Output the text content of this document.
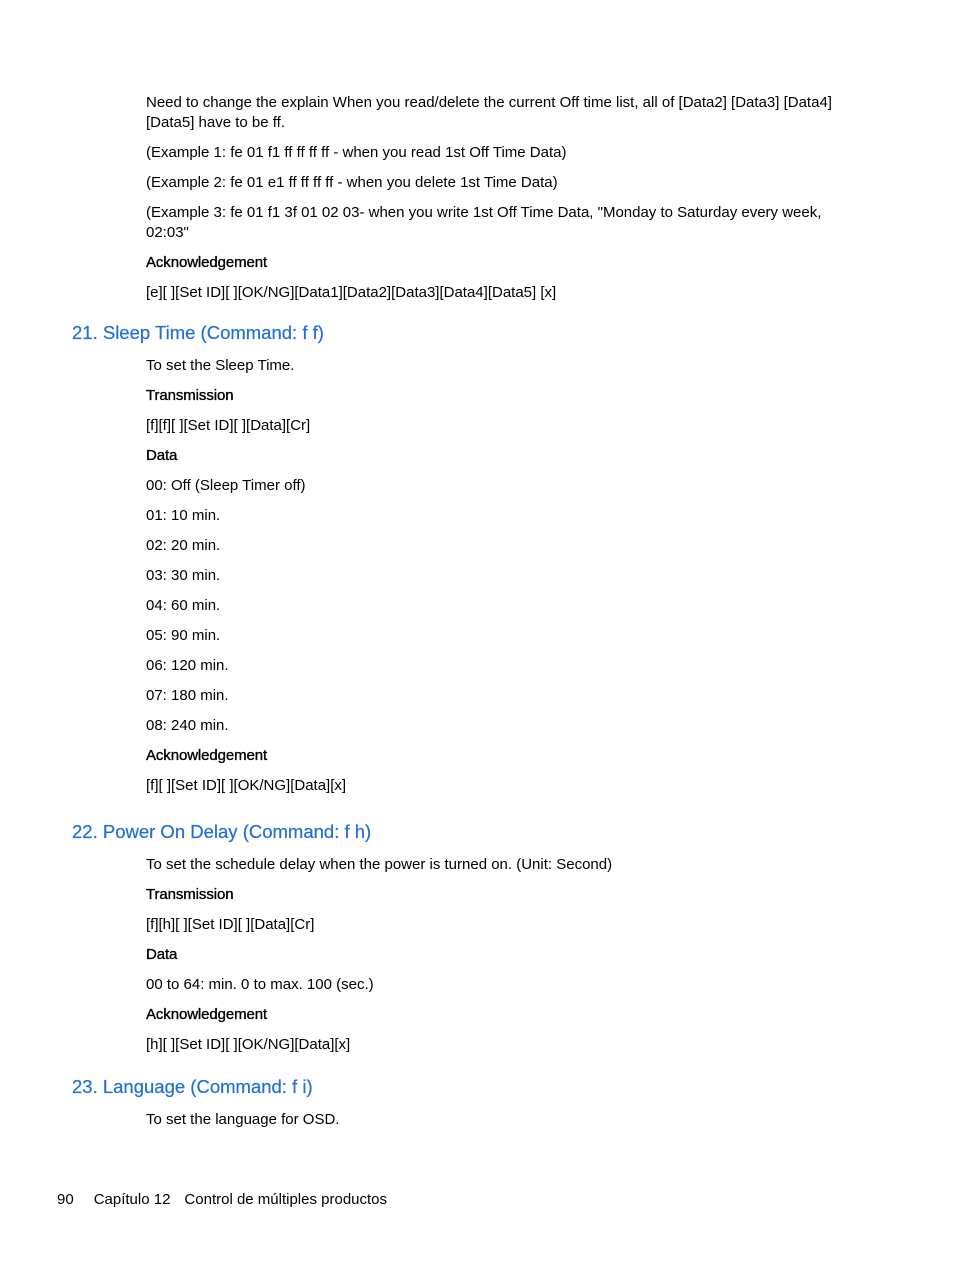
Need to change the explain When you read/delete the current Off time list, all of [Data2] [Data3] [Data4] [Data5] have to be ff.

(Example 1: fe 01 f1 ff ff ff ff - when you read 1st Off Time Data)

(Example 2: fe 01 e1 ff ff ff ff - when you delete 1st Time Data)

(Example 3: fe 01 f1 3f 01 02 03- when you write 1st Off Time Data, "Monday to Saturday every week, 02:03"

Acknowledgement

[e][ ][Set ID][ ][OK/NG][Data1][Data2][Data3][Data4][Data5] [x]

21. Sleep Time (Command: f f)

To set the Sleep Time.

Transmission

[f][f][ ][Set ID][ ][Data][Cr]

Data

00: Off (Sleep Timer off)

01: 10 min.

02: 20 min.

03: 30 min.

04: 60 min.

05: 90 min.

06: 120 min.

07: 180 min.

08: 240 min.

Acknowledgement

[f][ ][Set ID][ ][OK/NG][Data][x]

22. Power On Delay (Command: f h)

To set the schedule delay when the power is turned on. (Unit: Second)

Transmission

[f][h][ ][Set ID][ ][Data][Cr]

Data

00 to 64: min. 0 to max. 100 (sec.)

Acknowledgement

[h][ ][Set ID][ ][OK/NG][Data][x]

23. Language (Command: f i)

To set the language for OSD.

90 Capítulo 12 Control de múltiples productos
